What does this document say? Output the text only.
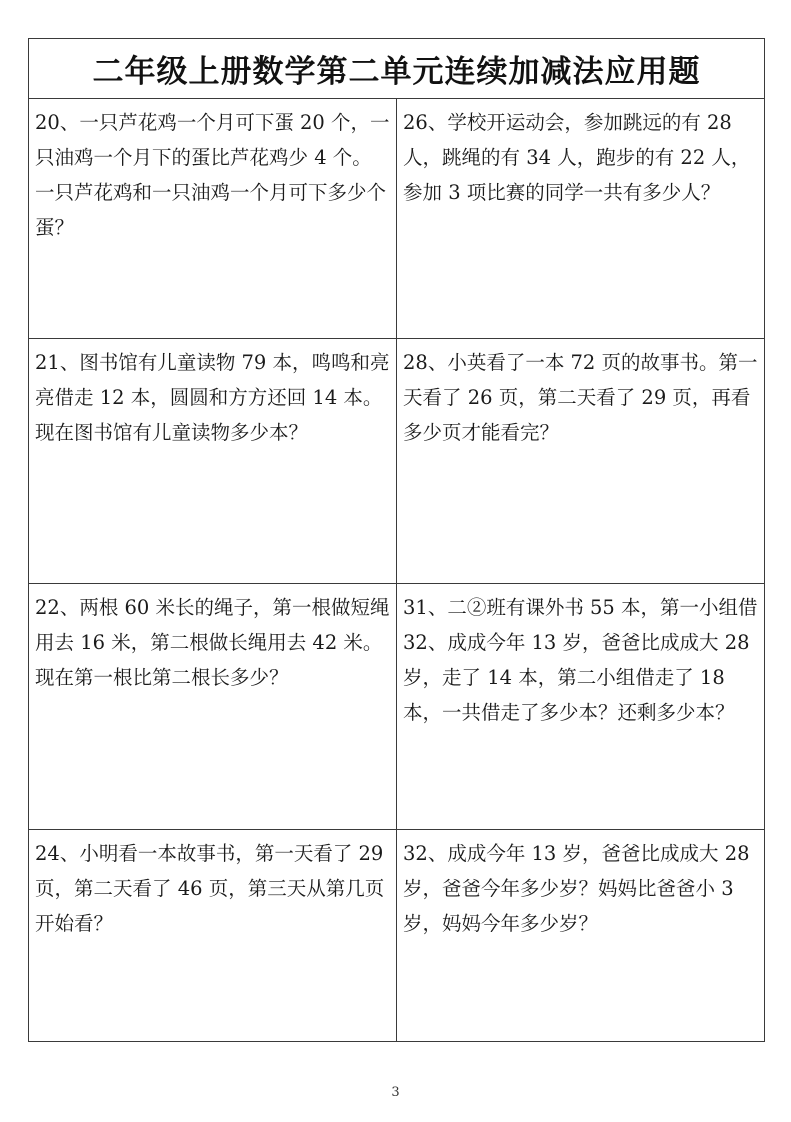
二年级上册数学第二单元连续加减法应用题
20、一只芦花鸡一个月可下蛋 20 个，一只油鸡一个月下的蛋比芦花鸡少 4 个。一只芦花鸡和一只油鸡一个月可下多少个蛋？
26、学校开运动会，参加跳远的有 28 人，跳绳的有 34 人，跑步的有 22 人，参加 3 项比赛的同学一共有多少人？
21、图书馆有儿童读物 79 本，鸣鸣和亮亮借走 12 本，圆圆和方方还回 14 本。现在图书馆有儿童读物多少本？
28、小英看了一本 72 页的故事书。第一天看了 26 页，第二天看了 29 页，再看多少页才能看完？
22、两根 60 米长的绳子，第一根做短绳用去 16 米，第二根做长绳用去 42 米。现在第一根比第二根长多少？
31、二②班有课外书 55 本，第一小组借 32、成成今年 13 岁，爸爸比成成大 28 岁，走了 14 本，第二小组借走了 18 本，一共借走了多少本？还剩多少本？
24、小明看一本故事书，第一天看了 29 页，第二天看了 46 页，第三天从第几页开始看？
32、成成今年 13 岁，爸爸比成成大 28 岁，爸爸今年多少岁？妈妈比爸爸小 3 岁，妈妈今年多少岁？
3
